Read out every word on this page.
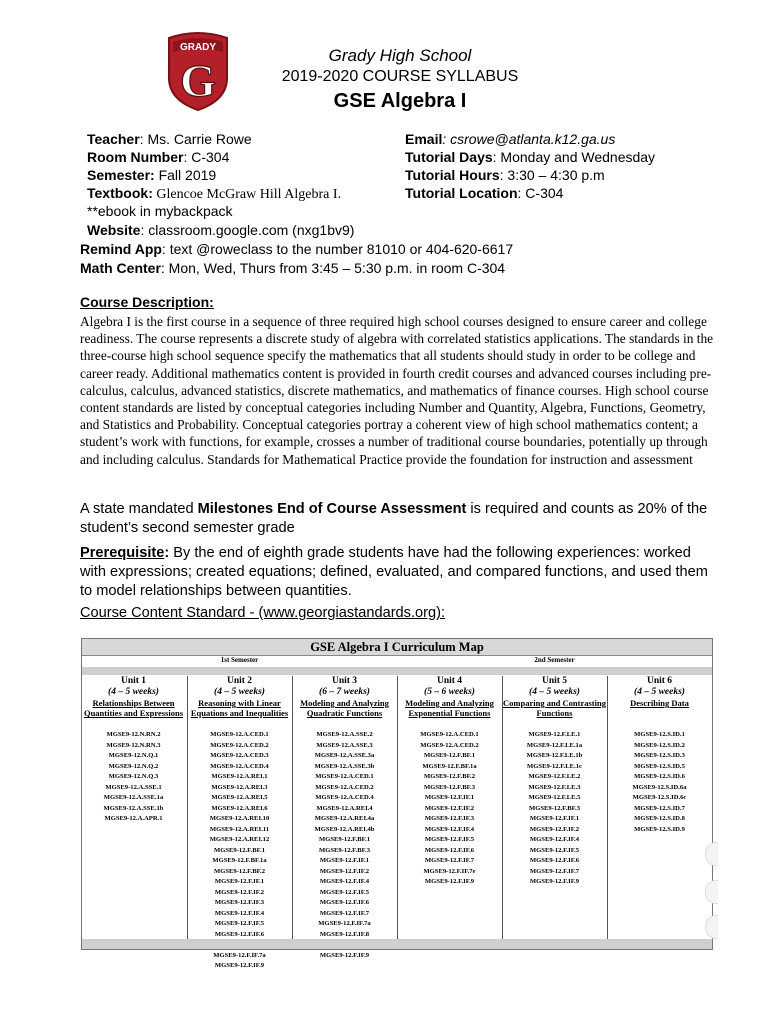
GRADY
G	Grady High School
2019-2020 COURSE SYLLABUS
GSE Algebra I
Teacher: Ms. Carrie Rowe
Room Number: C-304
Semester: Fall 2019
Textbook: Glencoe McGraw Hill Algebra I.
**ebook in mybackpack
Email: csrowe@atlanta.k12.ga.us
Tutorial Days: Monday and Wednesday
Tutorial Hours: 3:30 – 4:30 p.m
Tutorial Location: C-304
Website: classroom.google.com (nxg1bv9)
Remind App: text @roweclass to the number 81010 or 404-620-6617
Math Center: Mon, Wed, Thurs from 3:45 – 5:30 p.m. in room C-304
Course Description:
Algebra I is the first course in a sequence of three required high school courses designed to ensure career and college readiness. The course represents a discrete study of algebra with correlated statistics applications. The standards in the three-course high school sequence specify the mathematics that all students should study in order to be college and career ready. Additional mathematics content is provided in fourth credit courses and advanced courses including pre-calculus, calculus, advanced statistics, discrete mathematics, and mathematics of finance courses. High school course content standards are listed by conceptual categories including Number and Quantity, Algebra, Functions, Geometry, and Statistics and Probability. Conceptual categories portray a coherent view of high school mathematics content; a student’s work with functions, for example, crosses a number of traditional course boundaries, potentially up through and including calculus. Standards for Mathematical Practice provide the foundation for instruction and assessment
A state mandated Milestones End of Course Assessment is required and counts as 20% of the student’s second semester grade
Prerequisite: By the end of eighth grade students have had the following experiences: worked with expressions; created equations; defined, evaluated, and compared functions, and used them to model relationships between quantities.
Course Content Standard - (www.georgiastandards.org):
GSE Algebra I Curriculum Map
1st Semester	2nd Semester
Unit 1
(4 – 5 weeks)
Relationships Between Quantities and Expressions
MGSE9-12.N.RN.2
MGSE9-12.N.RN.3
MGSE9-12.N.Q.1
MGSE9-12.N.Q.2
MGSE9-12.N.Q.3
MGSE9-12.A.SSE.1
MGSE9-12.A.SSE.1a
MGSE9-12.A.SSE.1b
MGSE9-12.A.APR.1
Unit 2
(4 – 5 weeks)
Reasoning with Linear Equations and Inequalities
MGSE9-12.A.CED.1
MGSE9-12.A.CED.2
MGSE9-12.A.CED.3
MGSE9-12.A.CED.4
MGSE9-12.A.REI.1
MGSE9-12.A.REI.3
MGSE9-12.A.REI.5
MGSE9-12.A.REI.6
MGSE9-12.A.REI.10
MGSE9-12.A.REI.11
MGSE9-12.A.REI.12
MGSE9-12.F.BF.1
MGSE9-12.F.BF.1a
MGSE9-12.F.BF.2
MGSE9-12.F.IF.1
MGSE9-12.F.IF.2
MGSE9-12.F.IF.3
MGSE9-12.F.IF.4
MGSE9-12.F.IF.5
MGSE9-12.F.IF.6
MGSE9-12.F.IF.7a
MGSE9-12.F.IF.9
Unit 3
(6 – 7 weeks)
Modeling and Analyzing Quadratic Functions
MGSE9-12.A.SSE.2
MGSE9-12.A.SSE.3
MGSE9-12.A.SSE.3a
MGSE9-12.A.SSE.3b
MGSE9-12.A.CED.1
MGSE9-12.A.CED.2
MGSE9-12.A.CED.4
MGSE9-12.A.REI.4
MGSE9-12.A.REI.4a
MGSE9-12.A.REI.4b
MGSE9-12.F.BF.1
MGSE9-12.F.BF.3
MGSE9-12.F.IF.1
MGSE9-12.F.IF.2
MGSE9-12.F.IF.4
MGSE9-12.F.IF.5
MGSE9-12.F.IF.6
MGSE9-12.F.IF.7
MGSE9-12.F.IF.7a
MGSE9-12.F.IF.8
MGSE9-12.F.IF.9
Unit 4
(5 – 6 weeks)
Modeling and Analyzing Exponential Functions
MGSE9-12.A.CED.1
MGSE9-12.A.CED.2
MGSE9-12.F.BF.1
MGSE9-12.F.BF.1a
MGSE9-12.F.BF.2
MGSE9-12.F.BF.3
MGSE9-12.F.IF.1
MGSE9-12.F.IF.2
MGSE9-12.F.IF.3
MGSE9-12.F.IF.4
MGSE9-12.F.IF.5
MGSE9-12.F.IF.6
MGSE9-12.F.IF.7
MGSE9-12.F.IF.7e
MGSE9-12.F.IF.9
Unit 5
(4 – 5 weeks)
Comparing and Contrasting Functions
MGSE9-12.F.LE.1
MGSE9-12.F.LE.1a
MGSE9-12.F.LE.1b
MGSE9-12.F.LE.1c
MGSE9-12.F.LE.2
MGSE9-12.F.LE.3
MGSE9-12.F.LE.5
MGSE9-12.F.BF.3
MGSE9-12.F.IF.1
MGSE9-12.F.IF.2
MGSE9-12.F.IF.4
MGSE9-12.F.IF.5
MGSE9-12.F.IF.6
MGSE9-12.F.IF.7
MGSE9-12.F.IF.9
Unit 6
(4 – 5 weeks)
Describing Data
MGSE9-12.S.ID.1
MGSE9-12.S.ID.2
MGSE9-12.S.ID.3
MGSE9-12.S.ID.5
MGSE9-12.S.ID.6
MGSE9-12.S.ID.6a
MGSE9-12.S.ID.6c
MGSE9-12.S.ID.7
MGSE9-12.S.ID.8
MGSE9-12.S.ID.9
